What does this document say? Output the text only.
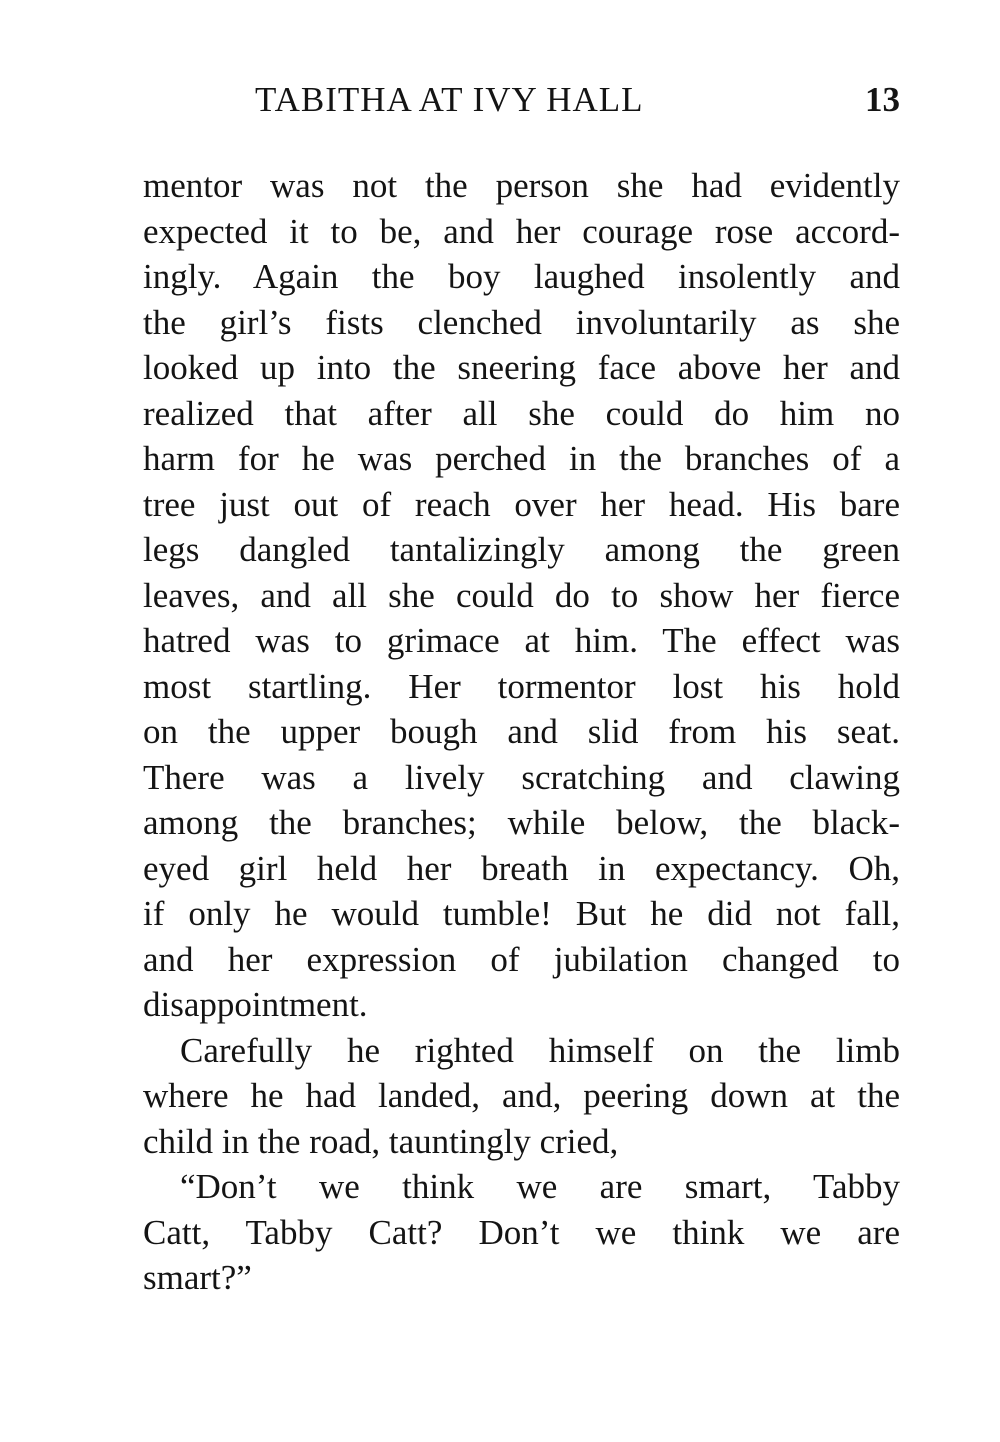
TABITHA AT IVY HALL	13
mentor was not the person she had evidently
expected it to be, and her courage rose accord-
ingly. Again the boy laughed insolently and
the girl’s fists clenched involuntarily as she
looked up into the sneering face above her and
realized that after all she could do him no
harm for he was perched in the branches of a
tree just out of reach over her head. His bare
legs dangled tantalizingly among the green
leaves, and all she could do to show her fierce
hatred was to grimace at him. The effect was
most startling. Her tormentor lost his hold
on the upper bough and slid from his seat.
There was a lively scratching and clawing
among the branches; while below, the black-
eyed girl held her breath in expectancy. Oh,
if only he would tumble! But he did not fall,
and her expression of jubilation changed to
disappointment.
Carefully he righted himself on the limb
where he had landed, and, peering down at the
child in the road, tauntingly cried,
“Don’t we think we are smart, Tabby
Catt, Tabby Catt? Don’t we think we are
smart?”
